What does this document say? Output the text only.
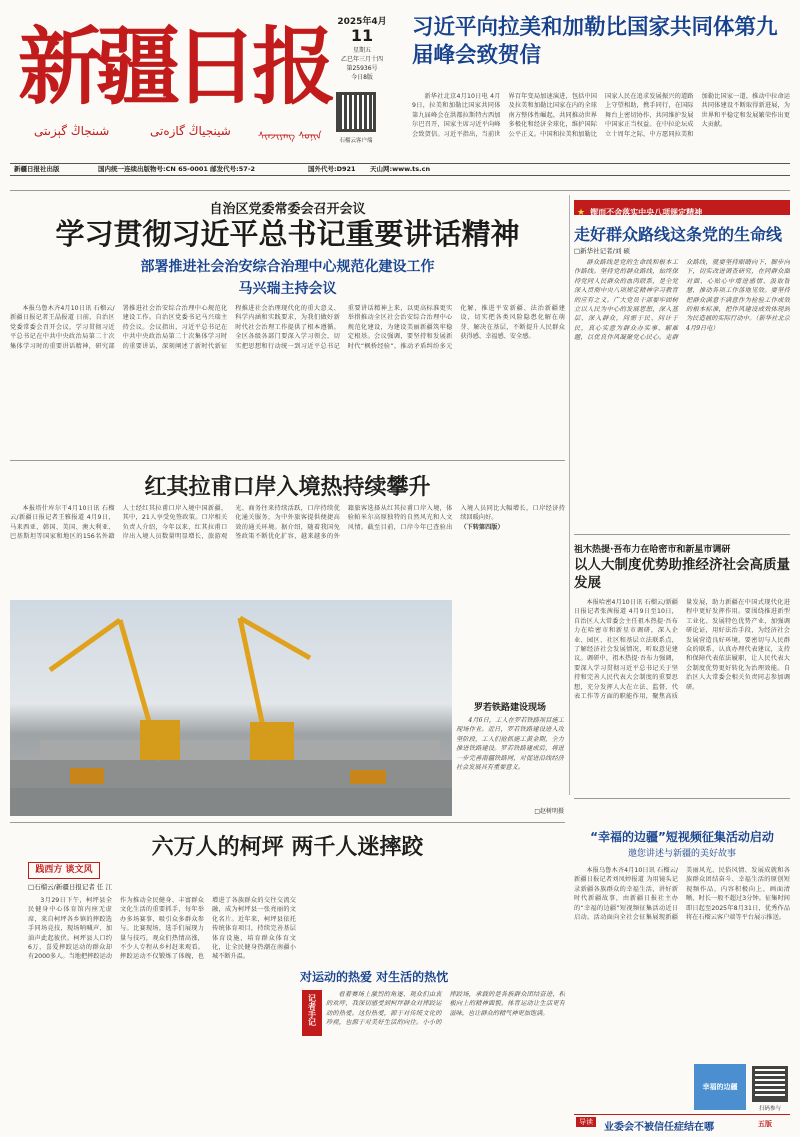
新疆日报
شىنجاڭ گېزىتى	شينجياڭ گازەتى	ᠰᠢᠨᠵᠢᠶᠠᠩ ᠰᠣᠨᠢᠨ
2025年4月
11
星期五
乙巳年三月十四
第25936号
今日8版
石榴云客户端
新疆日报社出版	国内统一连续出版物号:CN 65-0001 邮发代号:57-2	国外代号:D921 天山网:www.ts.cn
习近平向拉美和加勒比国家共同体第九届峰会致贺信

新华社北京4月10日电 4月9日，拉美和加勒比国家共同体第九届峰会在洪都拉斯特古西加尔巴召开，国家主席习近平向峰会致贺信。习近平指出，当前世界百年变局加速演进，包括中国及拉美和加勒比国家在内的全球南方整体性崛起，共同推动世界多极化和经济全球化，维护国际公平正义。中国和拉美和加勒比国家人民在追求发展振兴的道路上守望相助，携手同行，在国际舞台上密切协作，共同维护发展中国家正当权益。在中拉论坛成立十周年之际，中方愿同拉美和加勒比国家一道，推动中拉命运共同体建设不断取得新进展，为世界和平稳定和发展繁荣作出更大贡献。

自治区党委常委会召开会议
学习贯彻习近平总书记重要讲话精神
部署推进社会治安综合治理中心规范化建设工作
马兴瑞主持会议

本报乌鲁木齐4月10日讯 石榴云/新疆日报记者王晶报道 日前，自治区党委常委会召开会议，学习贯彻习近平总书记在中共中央政治局第二十次集体学习时的重要讲话精神，研究部署推进社会治安综合治理中心规范化建设工作。自治区党委书记马兴瑞主持会议。会议指出，习近平总书记在中共中央政治局第二十次集体学习时的重要讲话，深刻阐述了新时代新征程推进社会治理现代化的重大意义、科学内涵和实践要求，为我们做好新时代社会治理工作提供了根本遵循。全区各级各部门要深入学习领会，切实把思想和行动统一到习近平总书记重要讲话精神上来，以更高标准更实举措推动全区社会治安综合治理中心规范化建设，为建设美丽新疆筑牢稳定根基。会议强调，要坚持和发展新时代“枫桥经验”，推动矛盾纠纷多元化解，推进平安新疆、法治新疆建设，切实把各类风险隐患化解在萌芽、解决在基层，不断提升人民群众获得感、幸福感、安全感。

★ 锲而不舍落实中央八项规定精神
走好群众路线这条党的生命线
□新华社记者/刘 硕

群众路线是党的生命线和根本工作路线。坚持党的群众路线，始终保持党同人民群众的血肉联系，是全党深入贯彻中央八项规定精神学习教育的应有之义。广大党员干部要牢固树立以人民为中心的发展思想，深入基层、深入群众，问需于民、问计于民，真心实意为群众办实事、解难题，以优良作风凝聚党心民心。走群众路线，就要坚持眼睛向下、脚步向下，切实改进调查研究，在同群众面对面、心贴心中增进感情、汲取智慧，推动各项工作落地见效。要坚持把群众满意不满意作为检验工作成效的根本标准，把作风建设成效体现到为民造福的实际行动中。（新华社北京4月9日电）

红其拉甫口岸入境热持续攀升

本报塔什库尔干4月10日讯 石榴云/新疆日报记者王雅报道 4月9日，马来西亚、韩国、美国、澳大利亚、巴基斯坦等国家和地区的156名外籍人士经红其拉甫口岸入境中国新疆，其中，21人享受免签政策。口岸相关负责人介绍，今年以来，红其拉甫口岸出入境人员数量明显增长，旅游观光、商务往来持续活跃，口岸持续优化通关服务，为中外旅客提供便捷高效的通关环境。据介绍，随着我国免签政策不断优化扩容，越来越多的外籍旅客选择从红其拉甫口岸入境，体验帕米尔高原独特的自然风光和人文风情。截至目前，口岸今年已查验出入境人员同比大幅增长，口岸经济持续回暖向好。

（下转第四版）
罗若铁路建设现场

4月6日，工人在罗若铁路项目施工现场作业。近日，罗若铁路建设进入攻坚阶段，工人们抢抓施工黄金期，全力推进铁路建设。罗若铁路建成后，将进一步完善南疆铁路网，对促进沿线经济社会发展具有重要意义。

□赵树明摄
祖木热提·吾布力在哈密市和新星市调研
以人大制度优势助推经济社会高质量发展

本报哈密4月10日讯 石榴云/新疆日报记者张茜报道 4月9日至10日，自治区人大常委会主任祖木热提·吾布力在哈密市和新星市调研，深入企业、园区、社区和基层立法联系点，了解经济社会发展情况，听取意见建议。调研中，祖木热提·吾布力强调，要深入学习贯彻习近平总书记关于坚持和完善人民代表大会制度的重要思想，充分发挥人大在立法、监督、代表工作等方面的职能作用，聚焦高质量发展，助力新疆在中国式现代化进程中更好发挥作用。要围绕推进新型工业化、发展特色优势产业，加强调研论证，用好法治手段，为经济社会发展营造良好环境。要密切与人民群众的联系，认真办理代表建议，支持和保障代表依法履职，让人民代表大会制度优势更好转化为治理效能。自治区人大常委会相关负责同志参加调研。

六万人的柯坪 两千人迷摔跤
践西方 谈文风
□石榴云/新疆日报记者 任 江

3月29日下午，柯坪县全民健身中心体育馆内座无虚席，来自柯坪各乡镇的摔跤选手同场竞技，现场呐喊声、加油声此起彼伏。柯坪县人口约6万，喜爱摔跤运动的群众却有2000多人。当地把摔跤运动作为推动全民健身、丰富群众文化生活的重要抓手，每年举办多场赛事，吸引众多群众参与。比赛现场，选手们展现力量与技巧，观众们热情高涨，不少人专程从乡村赶来观看。摔跤运动不仅锻炼了体魄，也增进了各族群众的交往交流交融，成为柯坪县一张亮丽的文化名片。近年来，柯坪县依托传统体育项目，持续完善基层体育设施，培育群众体育文化，让全民健身热潮在南疆小城不断升温。

对运动的热爱 对生活的热忱
记者手记	看着赛场上激烈的角逐、观众们由衷的欢呼，我深切感受到柯坪群众对摔跤运动的热爱。这份热爱，源于对传统文化的珍视，也源于对美好生活的向往。小小的摔跤场，承载的是各族群众团结奋进、积极向上的精神面貌。体育运动让生活更有滋味，也让群众的精气神更加饱满。

“幸福的边疆”短视频征集活动启动
邀您讲述与新疆的美好故事

本报乌鲁木齐4月10日讯 石榴云/新疆日报记者刘凤婷报道 为用镜头记录新疆各族群众的幸福生活，讲好新时代新疆故事，由新疆日报社主办的“幸福的边疆”短视频征集活动近日启动。活动面向全社会征集展现新疆美丽风光、民俗风情、发展成就和各族群众团结奋斗、幸福生活的原创短视频作品，内容积极向上，画面清晰，时长一般不超过3分钟。征集时间即日起至2025年8月31日，优秀作品将在石榴云客户端等平台展示推送。

幸福的边疆
扫码参与
导读	业委会不被信任症结在哪	五版
